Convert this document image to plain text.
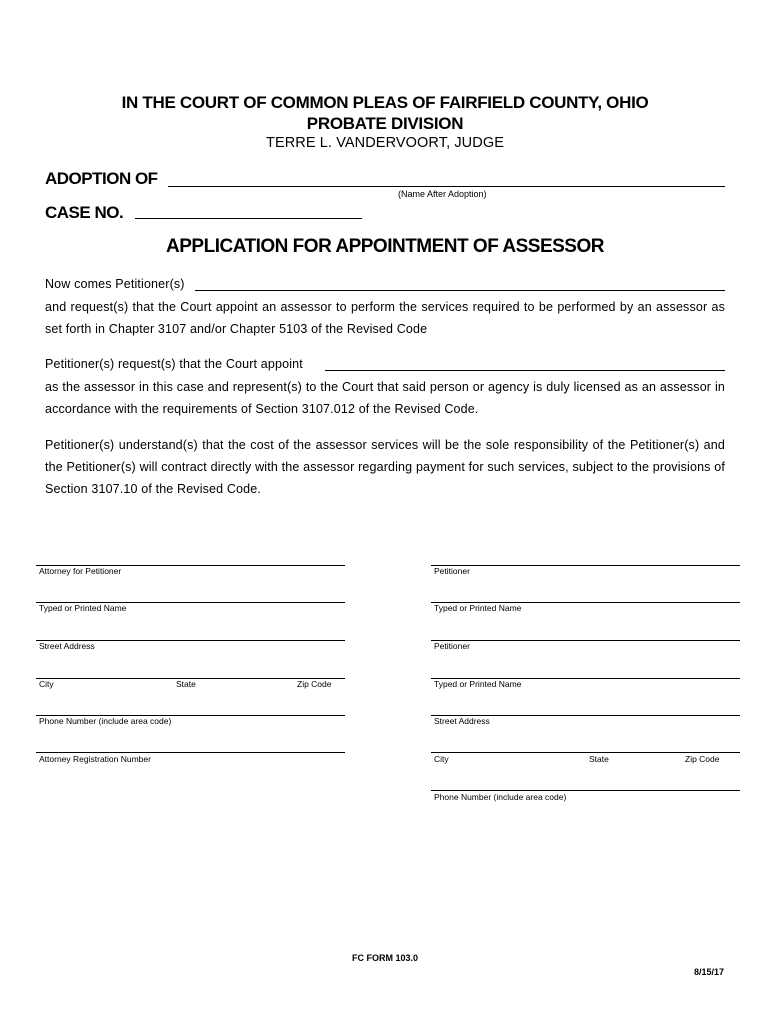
IN THE COURT OF COMMON PLEAS OF FAIRFIELD COUNTY, OHIO
PROBATE DIVISION
TERRE L. VANDERVOORT, JUDGE
ADOPTION OF
(Name After Adoption)
CASE NO.
APPLICATION FOR APPOINTMENT OF ASSESSOR
Now comes Petitioner(s)
and request(s) that the Court appoint an assessor to perform the services required to be performed by an assessor as set forth in Chapter 3107 and/or Chapter 5103 of the Revised Code
Petitioner(s) request(s) that the Court appoint
as the assessor in this case and represent(s) to the Court that said person or agency is duly licensed as an assessor in accordance with the requirements of Section 3107.012 of the Revised Code.
Petitioner(s) understand(s) that the cost of the assessor services will be the sole responsibility of the Petitioner(s) and the Petitioner(s) will contract directly with the assessor regarding payment for such services, subject to the provisions of Section 3107.10 of the Revised Code.
Attorney for Petitioner
Typed or Printed Name
Street Address
City	State	Zip Code
Phone Number (include area code)
Attorney Registration Number
Petitioner
Typed or Printed Name
Petitioner
Typed or Printed Name
Street Address
City	State	Zip Code
Phone Number (include area code)
FC FORM 103.0
8/15/17
